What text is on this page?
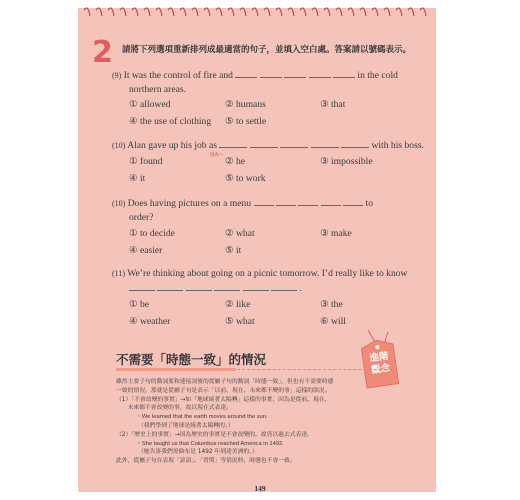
2 請將下列選項重新排列成最適當的句子，並填入空白處。答案請以號碼表示。
(9) It was the control of fire and	in the cold
northern areas.
① allowed	② humans	③ that
④ the use of clothing ⑤ to settle
(10) Alan gave up his job as	with his boss.
因為～
① found	② he	③ impossible
④ it	⑤ to work
(10) Does having pictures on a menu	to
order?
① to decide	② what	③ make
④ easier	⑤ it
(11) We’re thinking about going on a picnic tomorrow. I’d really like to know
.
① be	② like	③ the
④ weather	⑤ what	⑥ will
進階觀念
不需要「時態一致」的情況
雖然主要子句的動詞要和連接詞後的從屬子句的動詞「時態一致」，但也有不需要時態
一致的情況，那就是從屬子句是表示「以前、現在、未來都不變的事」這樣的狀況。
（1）「不會改變的事實」→如「地球繞著太陽轉」這樣的事實，因為是從前、現在、
　　未來都不會改變的事，故以現在式表達。
・We learned that the earth moves around the sun.
（我們學到了地球是繞著太陽轉的。）
（2）「歷史上的事實」→因為歷史的事實是不會改變的，故皆以過去式表達。
・She taught us that Columbus reached America in 1492.
（她告訴我們哥倫布是 1492 年到達美洲的。）
此外，從屬子句在表現「諺語」、「習慣」等情況時，時態也不會一致。
149
